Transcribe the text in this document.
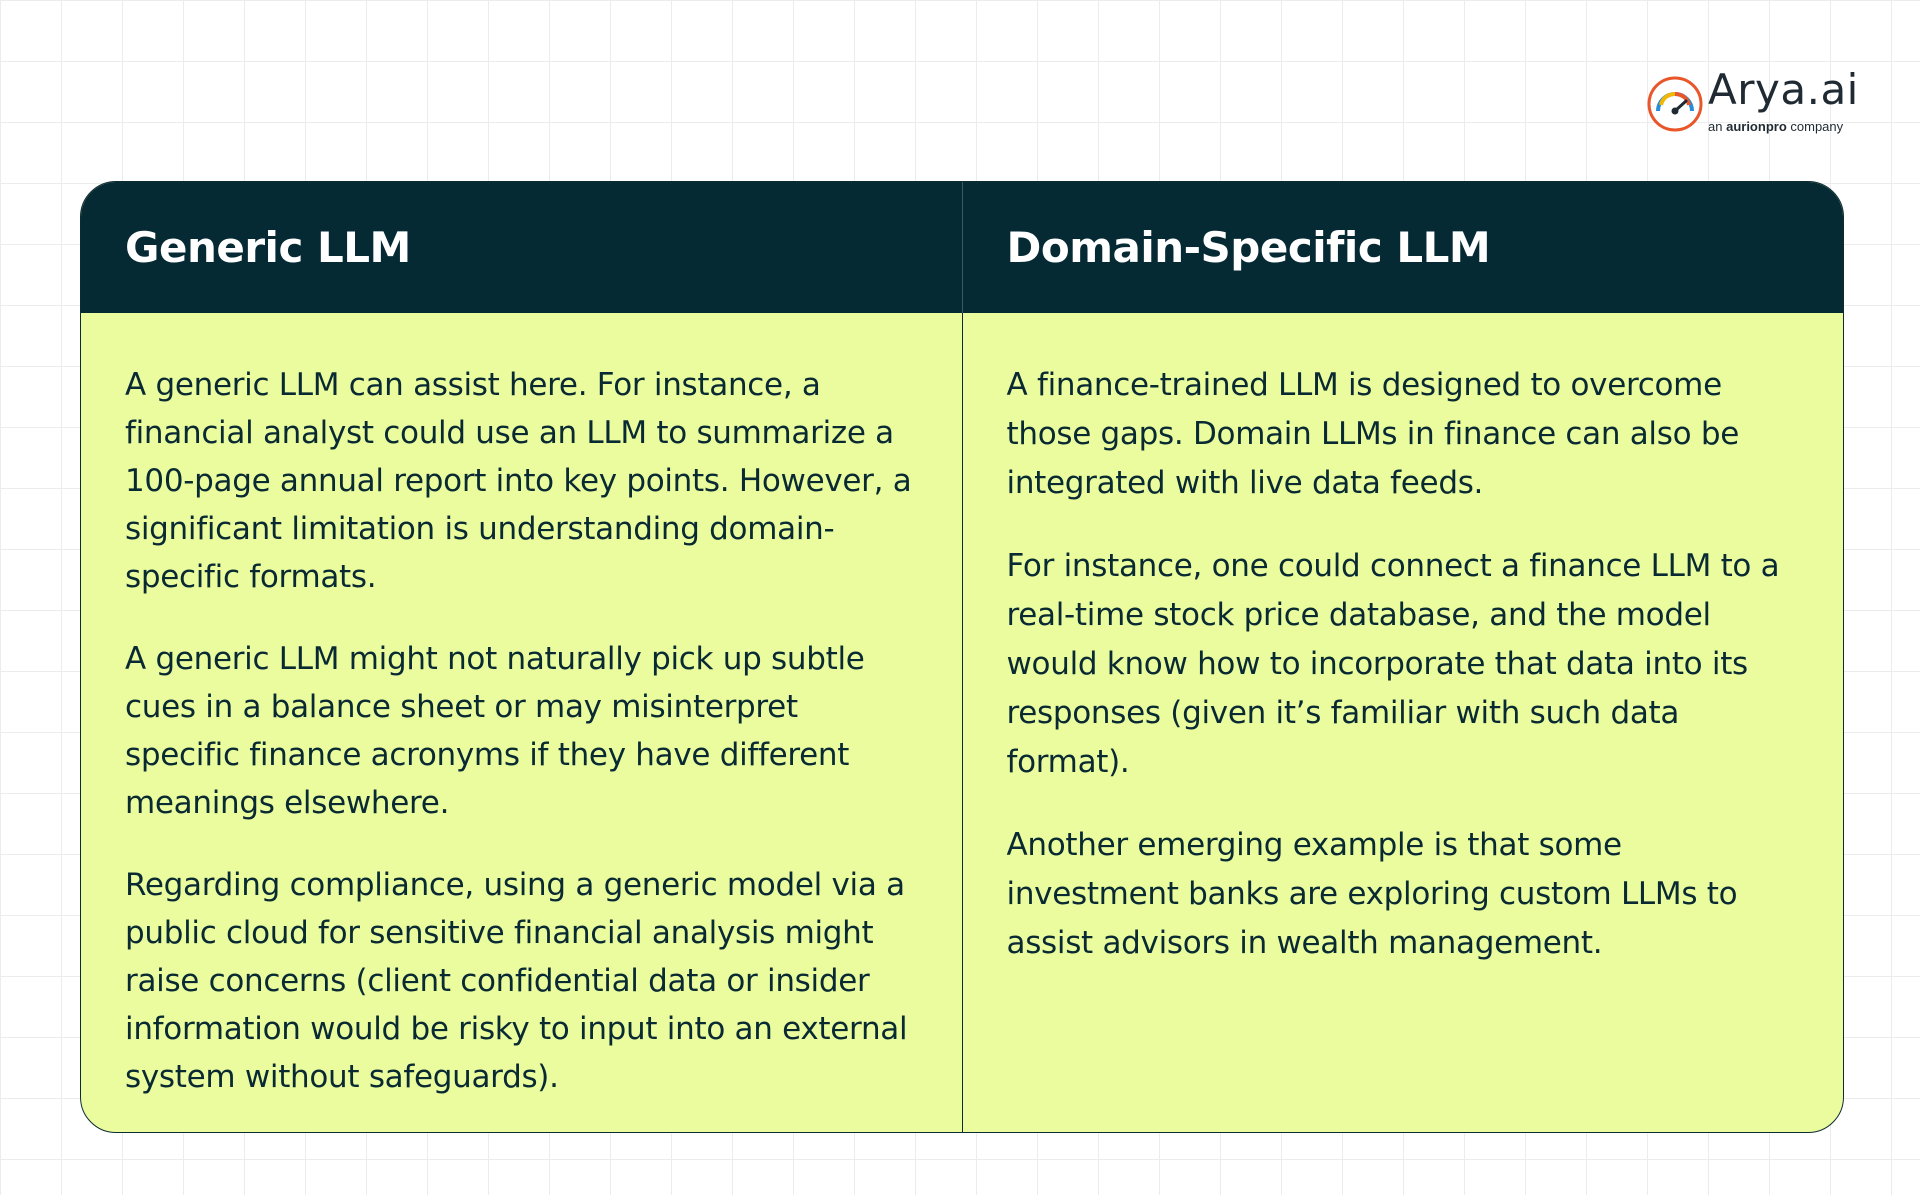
Arya.ai
an aurionpro company
Generic LLM	Domain-Specific LLM

A generic LLM can assist here. For instance, a financial analyst could use an LLM to summarize a 100-page annual report into key points. However, a significant limitation is understanding domain-specific formats.

A generic LLM might not naturally pick up subtle cues in a balance sheet or may misinterpret specific finance acronyms if they have different meanings elsewhere.

Regarding compliance, using a generic model via a public cloud for sensitive financial analysis might raise concerns (client confidential data or insider information would be risky to input into an external system without safeguards).

A finance-trained LLM is designed to overcome those gaps. Domain LLMs in finance can also be integrated with live data feeds.

For instance, one could connect a finance LLM to a real-time stock price database, and the model would know how to incorporate that data into its responses (given it’s familiar with such data format).

Another emerging example is that some investment banks are exploring custom LLMs to assist advisors in wealth management.
